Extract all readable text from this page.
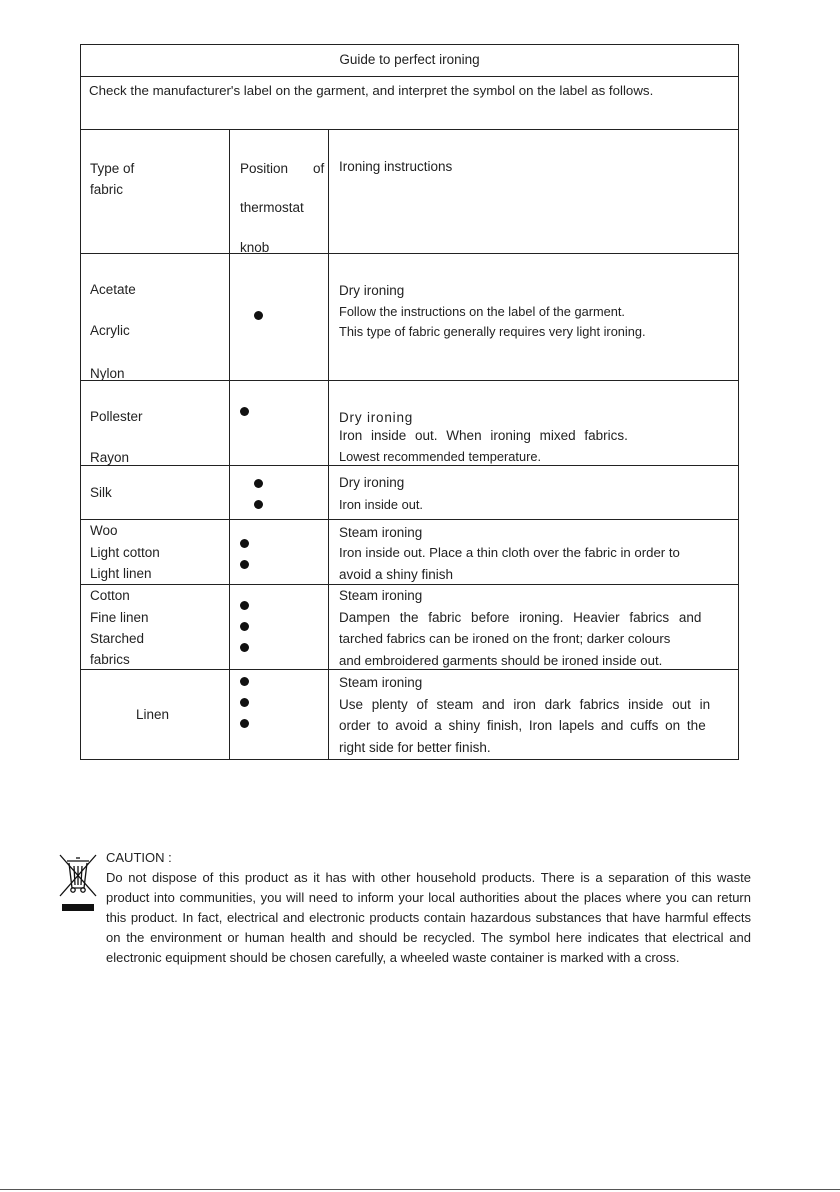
Guide to perfect ironing
Check the manufacturer's label on the garment, and interpret the symbol on the label as follows.
Type of
fabric
Position of
thermostat
knob
Ironing instructions
Acetate
Acrylic
Nylon
Dry ironing
Follow the instructions on the label of the garment.
This type of fabric generally requires very light ironing.
Pollester
Rayon
Dry ironing
Iron inside out. When ironing mixed fabrics.
Lowest recommended temperature.
Silk
Dry ironing
Iron inside out.
Woo
Light cotton
Light linen
Steam ironing
Iron inside out. Place a thin cloth over the fabric in order to
avoid a shiny finish
Cotton
Fine linen
Starched
fabrics
Steam ironing
Dampen the fabric before ironing. Heavier fabrics and
tarched fabrics can be ironed on the front; darker colours
and embroidered garments should be ironed inside out.
Linen
Steam ironing
Use plenty of steam and iron dark fabrics inside out in
order to avoid a shiny finish, Iron lapels and cuffs on the
right side for better finish.
CAUTION :
Do not dispose of this product as it has with other household products. There is a separation of this waste product into communities, you will need to inform your local authorities about the places where you can return this product. In fact, electrical and electronic products contain hazardous substances that have harmful effects on the environment or human health and should be recycled. The symbol here indicates that electrical and electronic equipment should be chosen carefully, a wheeled waste container is marked with a cross.
